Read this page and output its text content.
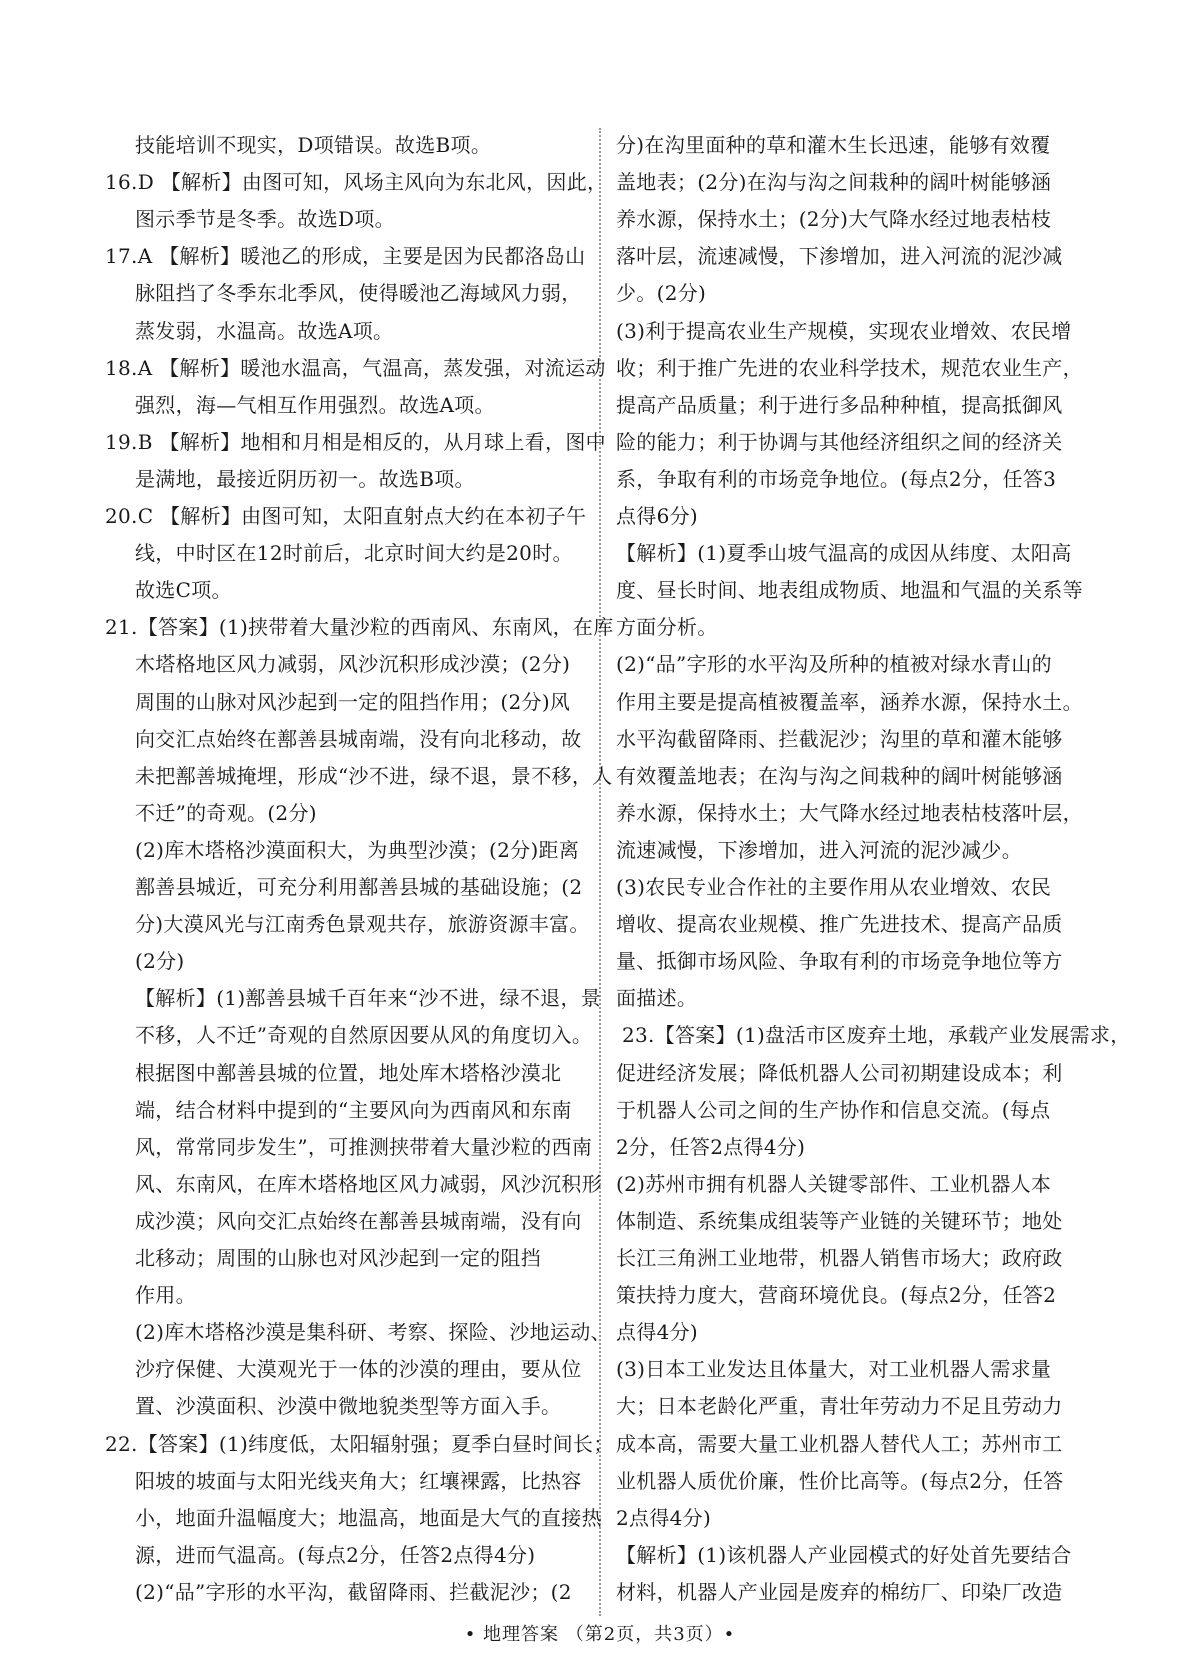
技能培训不现实，D项错误。故选B项。
16.D 【解析】由图可知，风场主风向为东北风，因此，
图示季节是冬季。故选D项。
17.A 【解析】暖池乙的形成，主要是因为民都洛岛山
脉阻挡了冬季东北季风，使得暖池乙海域风力弱，
蒸发弱，水温高。故选A项。
18.A 【解析】暖池水温高，气温高，蒸发强，对流运动
强烈，海—气相互作用强烈。故选A项。
19.B 【解析】地相和月相是相反的，从月球上看，图中
是满地，最接近阴历初一。故选B项。
20.C 【解析】由图可知，太阳直射点大约在本初子午
线，中时区在12时前后，北京时间大约是20时。
故选C项。
21.【答案】(1)挟带着大量沙粒的西南风、东南风，在库
木塔格地区风力减弱，风沙沉积形成沙漠；(2分)
周围的山脉对风沙起到一定的阻挡作用；(2分)风
向交汇点始终在鄯善县城南端，没有向北移动，故
未把鄯善城掩埋，形成“沙不进，绿不退，景不移，人
不迁”的奇观。(2分)
(2)库木塔格沙漠面积大，为典型沙漠；(2分)距离
鄯善县城近，可充分利用鄯善县城的基础设施；(2
分)大漠风光与江南秀色景观共存，旅游资源丰富。
(2分)
【解析】(1)鄯善县城千百年来“沙不进，绿不退，景
不移，人不迁”奇观的自然原因要从风的角度切入。
根据图中鄯善县城的位置，地处库木塔格沙漠北
端，结合材料中提到的“主要风向为西南风和东南
风，常常同步发生”，可推测挟带着大量沙粒的西南
风、东南风，在库木塔格地区风力减弱，风沙沉积形
成沙漠；风向交汇点始终在鄯善县城南端，没有向
北移动；周围的山脉也对风沙起到一定的阻挡
作用。
(2)库木塔格沙漠是集科研、考察、探险、沙地运动、
沙疗保健、大漠观光于一体的沙漠的理由，要从位
置、沙漠面积、沙漠中微地貌类型等方面入手。
22.【答案】(1)纬度低，太阳辐射强；夏季白昼时间长；
阳坡的坡面与太阳光线夹角大；红壤裸露，比热容
小，地面升温幅度大；地温高，地面是大气的直接热
源，进而气温高。(每点2分，任答2点得4分)
(2)“品”字形的水平沟，截留降雨、拦截泥沙；(2
分)在沟里面种的草和灌木生长迅速，能够有效覆
盖地表；(2分)在沟与沟之间栽种的阔叶树能够涵
养水源，保持水土；(2分)大气降水经过地表枯枝
落叶层，流速减慢，下渗增加，进入河流的泥沙减
少。(2分)
(3)利于提高农业生产规模，实现农业增效、农民增
收；利于推广先进的农业科学技术，规范农业生产，
提高产品质量；利于进行多品种种植，提高抵御风
险的能力；利于协调与其他经济组织之间的经济关
系，争取有利的市场竞争地位。(每点2分，任答3
点得6分)
【解析】(1)夏季山坡气温高的成因从纬度、太阳高
度、昼长时间、地表组成物质、地温和气温的关系等
方面分析。
(2)“品”字形的水平沟及所种的植被对绿水青山的
作用主要是提高植被覆盖率，涵养水源，保持水土。
水平沟截留降雨、拦截泥沙；沟里的草和灌木能够
有效覆盖地表；在沟与沟之间栽种的阔叶树能够涵
养水源，保持水土；大气降水经过地表枯枝落叶层，
流速减慢，下渗增加，进入河流的泥沙减少。
(3)农民专业合作社的主要作用从农业增效、农民
增收、提高农业规模、推广先进技术、提高产品质
量、抵御市场风险、争取有利的市场竞争地位等方
面描述。
23.【答案】(1)盘活市区废弃土地，承载产业发展需求，
促进经济发展；降低机器人公司初期建设成本；利
于机器人公司之间的生产协作和信息交流。(每点
2分，任答2点得4分)
(2)苏州市拥有机器人关键零部件、工业机器人本
体制造、系统集成组装等产业链的关键环节；地处
长江三角洲工业地带，机器人销售市场大；政府政
策扶持力度大，营商环境优良。(每点2分，任答2
点得4分)
(3)日本工业发达且体量大，对工业机器人需求量
大；日本老龄化严重，青壮年劳动力不足且劳动力
成本高，需要大量工业机器人替代人工；苏州市工
业机器人质优价廉，性价比高等。(每点2分，任答
2点得4分)
【解析】(1)该机器人产业园模式的好处首先要结合
材料，机器人产业园是废弃的棉纺厂、印染厂改造
• 地理答案 （第2页，共3页）•
